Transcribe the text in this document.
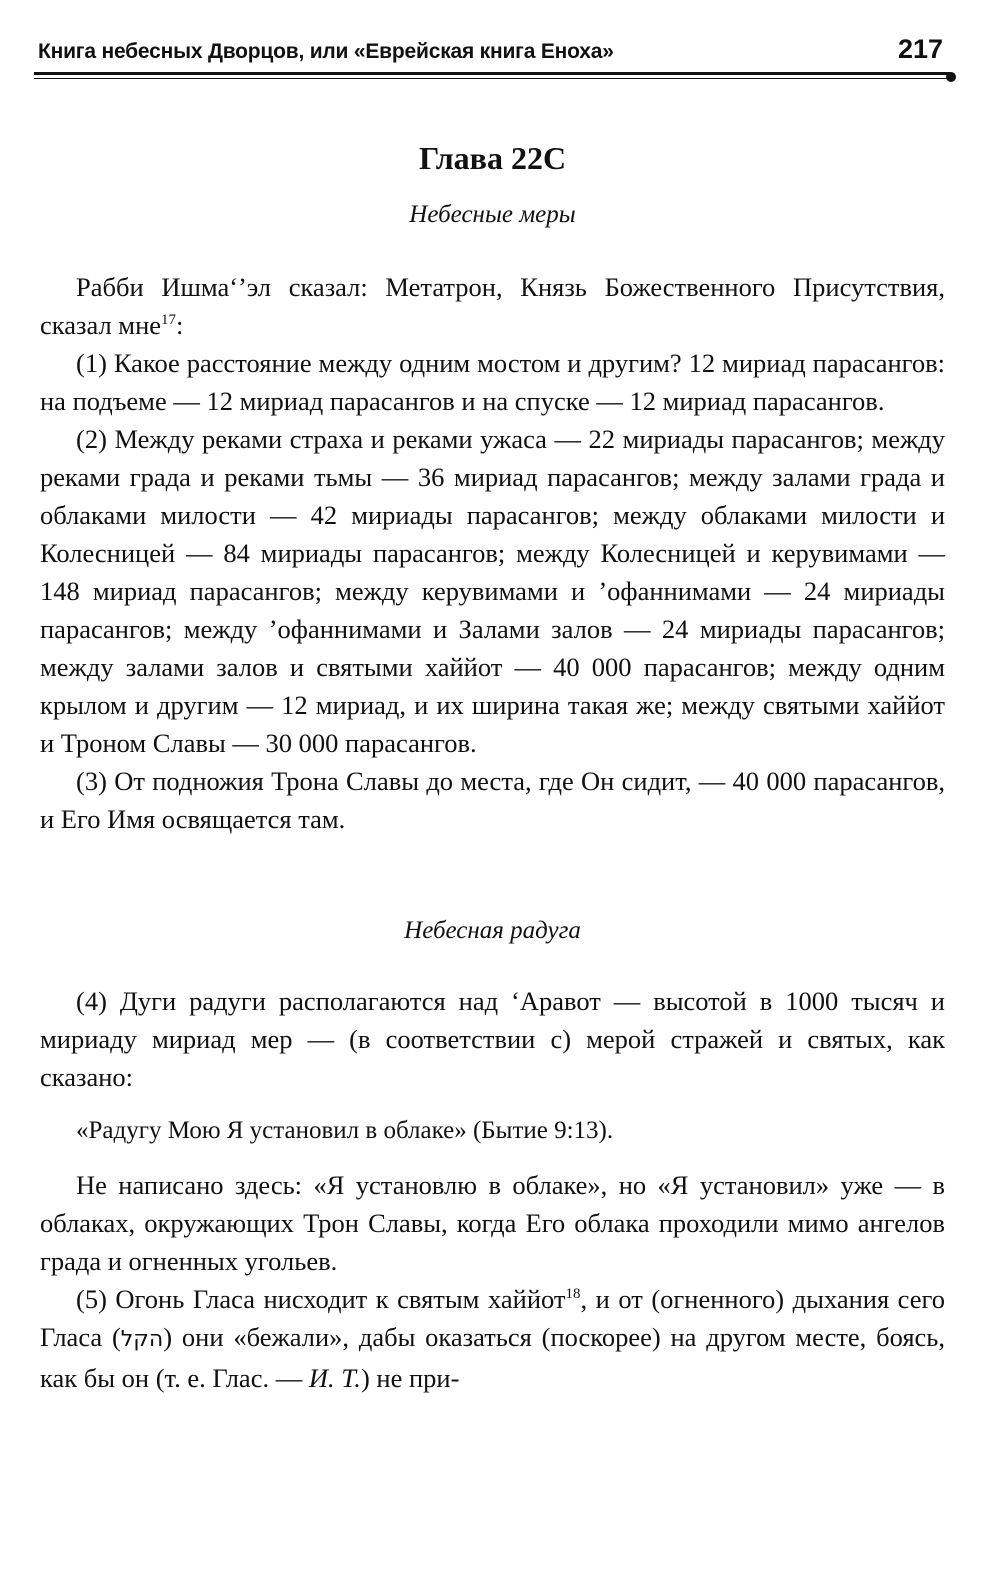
Книга небесных Дворцов, или «Еврейская книга Еноха»	217
Глава 22С
Небесные меры

Рабби Ишма‘’эл сказал: Метатрон, Князь Божественного Присутствия, сказал мне$^{17}$:

(1) Какое расстояние между одним мостом и другим? 12 мириад парасангов: на подъеме — 12 мириад парасангов и на спуске — 12 мириад парасангов.

(2) Между реками страха и реками ужаса — 22 мириады парасангов; между реками града и реками тьмы — 36 мириад парасангов; между залами града и облаками милости — 42 мириады парасангов; между облаками милости и Колесницей — 84 мириады парасангов; между Колесницей и керувимами — 148 мириад парасангов; между керувимами и ’офаннимами — 24 мириады парасангов; между ’офаннимами и Залами залов — 24 мириады парасангов; между залами залов и святыми хаййот — 40 000 парасангов; между одним крылом и другим — 12 мириад, и их ширина такая же; между святыми хаййот и Троном Славы — 30 000 парасангов.

(3) От подножия Трона Славы до места, где Он сидит, — 40 000 парасангов, и Его Имя освящается там.

Небесная радуга

(4) Дуги радуги располагаются над ‘Аравот — высотой в 1000 тысяч и мириаду мириад мер — (в соответствии с) мерой стражей и святых, как сказано:

«Радугу Мою Я установил в облаке» (Бытие 9:13).

Не написано здесь: «Я установлю в облаке», но «Я установил» уже — в облаках, окружающих Трон Славы, когда Его облака проходили мимо ангелов града и огненных угольев.

(5) Огонь Гласа нисходит к святым хаййот$^{18}$, и от (огненного) дыхания сего Гласа (הקל) они «бежали», дабы оказаться (поскорее) на другом месте, боясь, как бы он (т. е. Глас. — И. Т.) не при-
